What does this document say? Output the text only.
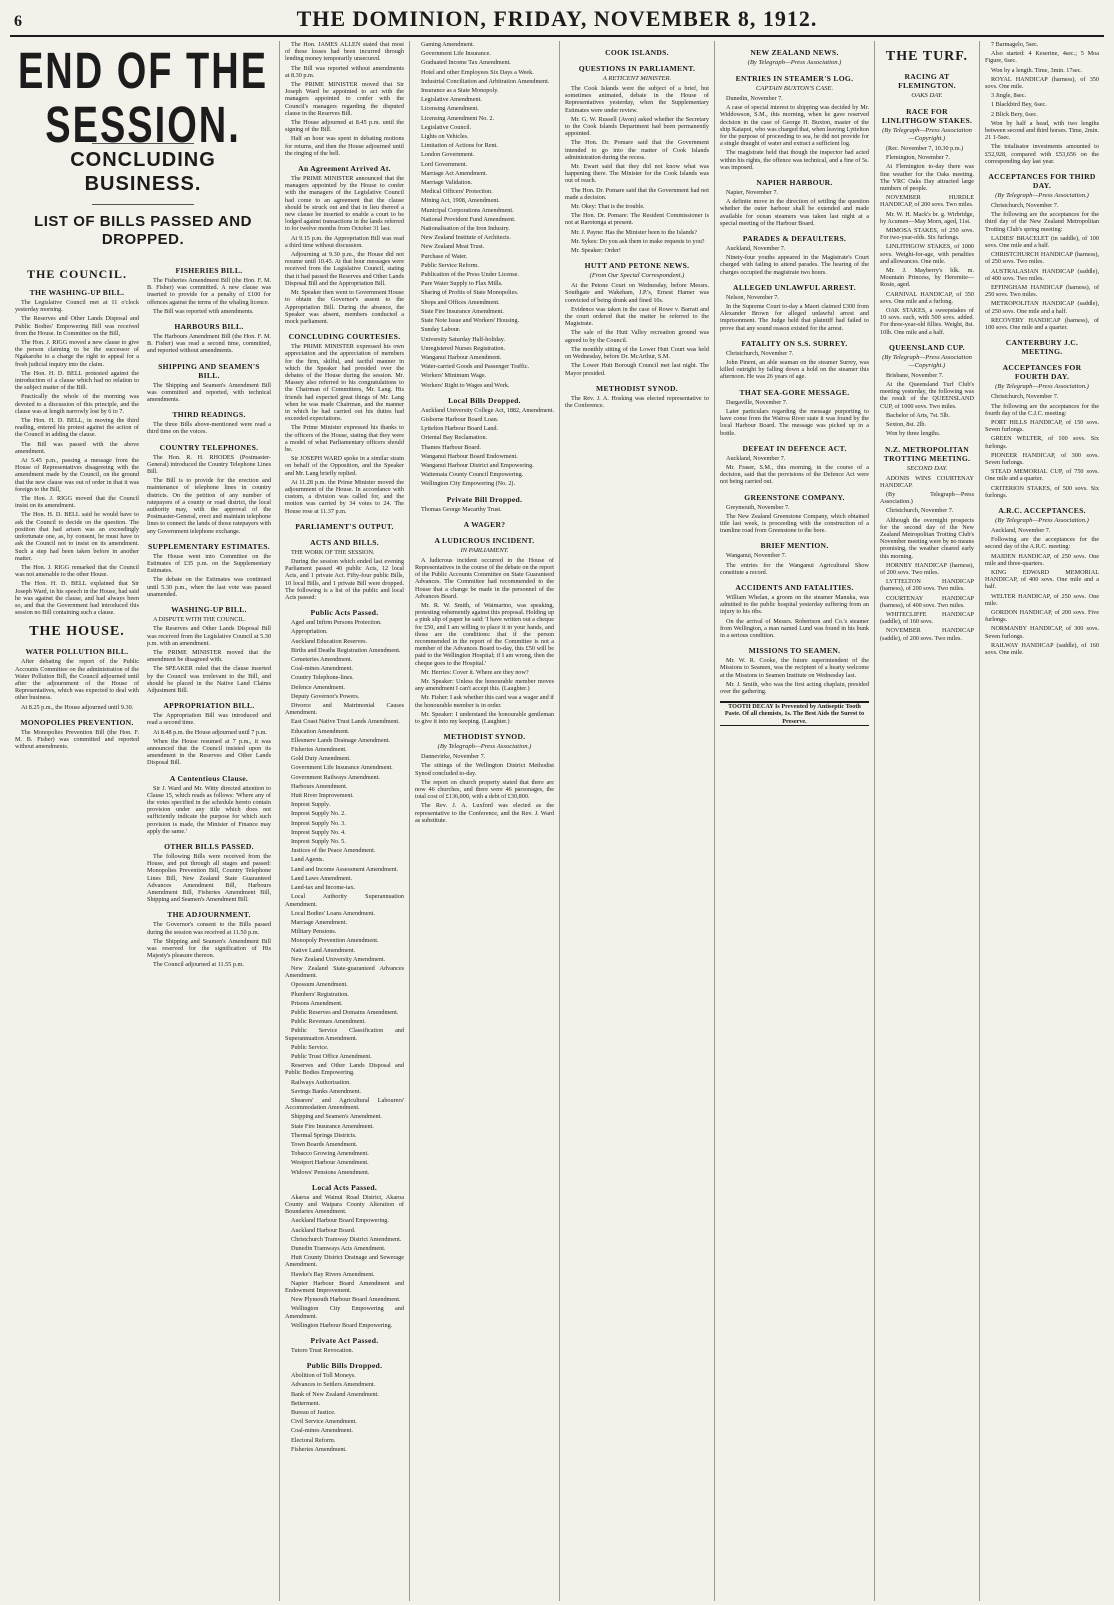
6	THE DOMINION, FRIDAY, NOVEMBER 8, 1912.
END OF THE SESSION.
CONCLUDING BUSINESS.
LIST OF BILLS PASSED AND DROPPED.
THE COUNCIL.
THE WASHING-UP BILL.

The Legislative Council met at 11 o'clock yesterday morning.

The Reserves and Other Lands Disposal and Public Bodies' Empowering Bill was received from the House. In Committee on the Bill,

The Hon. J. RIGG moved a new clause to give the person claiming to be the successor of Ngakarohe to a charge the right to appeal for a fresh judicial inquiry into the claim.

The Hon. H. D. BELL protested against the introduction of a clause which had no relation to the subject matter of the Bill.

Practically the whole of the morning was devoted to a discussion of this principle, and the clause was at length narrowly lost by 6 to 7.

The Hon. H. D. BELL, in moving the third reading, entered his protest against the action of the Council in adding the clause.

The Bill was passed with the above amendment.

At 5.45 p.m., passing a message from the House of Representatives disagreeing with the amendment made by the Council, on the ground that the new clause was out of order in that it was foreign to the Bill,

The Hon. J. RIGG moved that the Council insist on its amendment.

The Hon. H. D. BELL said he would have to ask the Council to decide on the question. The position that had arisen was an exceedingly unfortunate one, as, by consent, he must have to ask the Council not to insist on its amendment. Such a step had been taken before in another matter.

The Hon. J. RIGG remarked that the Council was not amenable to the other House.

The Hon. H. D. BELL explained that Sir Joseph Ward, in his speech in the House, had said he was against the clause, and had always been so, and that the Government had introduced this session no Bill containing such a clause.

THE HOUSE.
WATER POLLUTION BILL.

After debating the report of the Public Accounts Committee on the administration of the Water Pollution Bill, the Council adjourned until after the adjournment of the House of Representatives, which was expected to deal with other business.

At 8.25 p.m., the House adjourned until 9.30.

MONOPOLIES PREVENTION.

The Monopolies Prevention Bill (the Hon. F. M. B. Fisher) was committed and reported without amendments.

FISHERIES BILL.

The Fisheries Amendment Bill (the Hon. F. M. B. Fisher) was committed. A new clause was inserted to provide for a penalty of £100 for offences against the terms of the whaling licence.

The Bill was reported with amendments.

HARBOURS BILL.

The Harbours Amendment Bill (the Hon. F. M. B. Fisher) was read a second time, committed, and reported without amendments.

SHIPPING AND SEAMEN'S BILL.

The Shipping and Seamen's Amendment Bill was committed and reported, with technical amendments.

THIRD READINGS.

The three Bills above-mentioned were read a third time on the voices.

COUNTRY TELEPHONES.

The Hon. R. H. RHODES (Postmaster-General) introduced the Country Telephone Lines Bill.

The Bill is to provide for the erection and maintenance of telephone lines in country districts. On the petition of any number of ratepayers of a county or road district, the local authority may, with the approval of the Postmaster-General, erect and maintain telephone lines to connect the lands of those ratepayers with any Government telephone exchange.

SUPPLEMENTARY ESTIMATES.

The House went into Committee on the Estimates of £35 p.m. on the Supplementary Estimates.

The debate on the Estimates was continued until 5.30 p.m., when the last vote was passed unamended.

WASHING-UP BILL.

A DISPUTE WITH THE COUNCIL.

The Reserves and Other Lands Disposal Bill was received from the Legislative Council at 5.30 p.m. with an amendment.

The PRIME MINISTER moved that the amendment be disagreed with.

The SPEAKER ruled that the clause inserted by the Council was irrelevant to the Bill, and should be placed in the Native Land Claims Adjustment Bill.

APPROPRIATION BILL.

The Appropriation Bill was introduced and read a second time.

At 8.48 p.m. the House adjourned until 7 p.m.

When the House resumed at 7 p.m., it was announced that the Council insisted upon its amendment in the Reserves and Other Lands Disposal Bill.

A Contentious Clause.

Sir J. Ward and Mr. Witty directed attention to Clause 15, which reads as follows: 'Where any of the votes specified in the schedule hereto contain provision under any title which does not sufficiently indicate the purpose for which such provision is made, the Minister of Finance may apply the same.'

OTHER BILLS PASSED.

The following Bills were received from the House, and put through all stages and passed: Monopolies Prevention Bill, Country Telephone Lines Bill, New Zealand State Guaranteed Advances Amendment Bill, Harbours Amendment Bill, Fisheries Amendment Bill, Shipping and Seamen's Amendment Bill.

THE ADJOURNMENT.

The Governor's consent to the Bills passed during the session was received at 11.50 p.m.

The Shipping and Seamen's Amendment Bill was reserved for the signification of His Majesty's pleasure thereon.

The Council adjourned at 11.55 p.m.

The Hon. JAMES ALLEN stated that most of these losses had been incurred through lending money temporarily unsecured.

The Bill was reported without amendments at 8.30 p.m.

The PRIME MINISTER moved that Sir Joseph Ward be appointed to act with the managers appointed to confer with the Council's managers regarding the disputed clause in the Reserves Bill.

The House adjourned at 8.45 p.m. until the signing of the Bill.

Half an hour was spent in debating motions for returns, and then the House adjourned until the ringing of the bell.

An Agreement Arrived At.

The PRIME MINISTER announced that the managers appointed by the House to confer with the managers of the Legislative Council had come to an agreement that the clause should be struck out and that in lieu thereof a new clause be inserted to enable a court to be lodged against transactions in the lands referred to for twelve months from October 31 last.

At 9.15 p.m. the Appropriation Bill was read a third time without discussion.

Adjourning at 9.30 p.m., the House did not resume until 10.45. At that hour messages were received from the Legislative Council, stating that it had passed the Reserves and Other Lands Disposal Bill and the Appropriation Bill.

Mr. Speaker then went to Government House to obtain the Governor's assent to the Appropriation Bill. During the absence, the Speaker was absent, members conducted a mock parliament.

CONCLUDING COURTESIES.

The PRIME MINISTER expressed his own appreciation and the appreciation of members for the firm, skilful, and tactful manner in which the Speaker had presided over the debates of the House during the session. Mr. Massey also referred to his congratulations to the Chairman of Committees, Mr. Lang. His friends had expected great things of Mr. Lang when he was made Chairman, and the manner in which he had carried out his duties had exceeded expectations.

The Prime Minister expressed his thanks to the officers of the House, stating that they were a model of what Parliamentary officers should be.

Sir JOSEPH WARD spoke in a similar strain on behalf of the Opposition, and the Speaker and Mr. Lang briefly replied.

At 11.28 p.m. the Prime Minister moved the adjournment of the House. In accordance with custom, a division was called for, and the motion was carried by 34 votes to 24. The House rose at 11.37 p.m.

PARLIAMENT'S OUTPUT.
ACTS AND BILLS.

THE WORK OF THE SESSION.

During the session which ended last evening Parliament passed 40 public Acts, 12 local Acts, and 1 private Act. Fifty-four public Bills, 10 local Bills, and 1 private Bill were dropped. The following is a list of the public and local Acts passed:

Public Acts Passed.

Aged and Infirm Persons Protection.

Appropriation.

Auckland Education Reserves.

Births and Deaths Registration Amendment.

Cemeteries Amendment.

Coal-mines Amendment.

Country Telephone-lines.

Defence Amendment.

Deputy Governor's Powers.

Divorce and Matrimonial Causes Amendment.

East Coast Native Trust Lands Amendment.

Education Amendment.

Ellesmere Lands Drainage Amendment.

Fisheries Amendment.

Gold Duty Amendment.

Government Life Insurance Amendment.

Government Railways Amendment.

Harbours Amendment.

Hutt River Improvement.

Imprest Supply.

Imprest Supply No. 2.

Imprest Supply No. 3.

Imprest Supply No. 4.

Imprest Supply No. 5.

Justices of the Peace Amendment.

Land Agents.

Land and Income Assessment Amendment.

Land Laws Amendment.

Land-tax and Income-tax.

Local Authority Superannuation Amendment.

Local Bodies' Loans Amendment.

Marriage Amendment.

Military Pensions.

Monopoly Prevention Amendment.

Native Land Amendment.

New Zealand University Amendment.

New Zealand State-guaranteed Advances Amendment.

Opossum Amendment.

Plumbers' Registration.

Prisons Amendment.

Public Reserves and Domains Amendment.

Public Revenues Amendment.

Public Service Classification and Superannuation Amendment.

Public Service.

Public Trust Office Amendment.

Reserves and Other Lands Disposal and Public Bodies Empowering.

Railways Authorisation.

Savings Banks Amendment.

Shearers' and Agricultural Labourers' Accommodation Amendment.

Shipping and Seamen's Amendment.

State Fire Insurance Amendment.

Thermal Springs Districts.

Town Boards Amendment.

Tobacco Growing Amendment.

Westport Harbour Amendment.

Widows' Pensions Amendment.

Local Acts Passed.

Akaroa and Wainui Road District, Akaroa County and Waipara County Alteration of Boundaries Amendment.

Auckland Harbour Board Empowering.

Auckland Harbour Board.

Christchurch Tramway District Amendment.

Dunedin Tramways Acts Amendment.

Hutt County District Drainage and Sewerage Amendment.

Hawke's Bay Rivers Amendment.

Napier Harbour Board Amendment and Endowment Improvement.

New Plymouth Harbour Board Amendment.

Wellington City Empowering and Amendment.

Wellington Harbour Board Empowering.

Private Act Passed.

Tutoro Trust Revocation.

Public Bills Dropped.

Abolition of Toll Moneys.

Advances to Settlers Amendment.

Bank of New Zealand Amendment.

Betterment.

Bureau of Justice.

Civil Service Amendment.

Coal-mines Amendment.

Electoral Reform.

Fisheries Amendment.

Gaming Amendment.

Government Life Insurance.

Graduated Income Tax Amendment.

Hotel and other Employees Six Days a Week.

Industrial Conciliation and Arbitration Amendment.

Insurance as a State Monopoly.

Legislative Amendment.

Licensing Amendment.

Licensing Amendment No. 2.

Legislative Council.

Lights on Vehicles.

Limitation of Actions for Rent.

London Government.

Lord Government.

Marriage Act Amendment.

Marriage Validation.

Medical Officers' Protection.

Mining Act, 1908, Amendment.

Municipal Corporations Amendment.

National Provident Fund Amendment.

Nationalisation of the Iron Industry.

New Zealand Institute of Architects.

New Zealand Meat Trust.

Purchase of Water.

Public Service Reform.

Publication of the Press Under License.

Pure Water Supply to Flax Mills.

Sharing of Profits of State Monopolies.

Shops and Offices Amendment.

State Fire Insurance Amendment.

State Note Issue and Workers' Housing.

Sunday Labour.

University Saturday Half-holiday.

Unregistered Nurses Registration.

Wanganui Harbour Amendment.

Water-carried Goods and Passenger Traffic.

Workers' Minimum Wage.

Workers' Right to Wages and Work.

Local Bills Dropped.

Auckland University College Act, 1882, Amendment.

Gisborne Harbour Board Loan.

Lyttelton Harbour Board Land.

Oriental Bay Reclamation.

Thames Harbour Board.

Wanganui Harbour Board Endowment.

Wanganui Harbour District and Empowering.

Waitemata County Council Empowering.

Wellington City Empowering (No. 2).

Private Bill Dropped.

Thomas George Macarthy Trust.

A WAGER?
A LUDICROUS INCIDENT.
IN PARLIAMENT.

A ludicrous incident occurred in the House of Representatives in the course of the debate on the report of the Public Accounts Committee on State Guaranteed Advances. The Committee had recommended to the House that a change be made in the personnel of the Advances Board.

Mr. R. W. Smith, of Waimarino, was speaking, protesting vehemently against this proposal. Holding up a pink slip of paper he said: 'I have written out a cheque for £50, and I am willing to place it in your hands, and those are the conditions: that if the person recommended in the report of the Committee is not a member of the Advances Board to-day, this £50 will be paid to the Wellington Hospital; if I am wrong, then the cheque goes to the Hospital.'

Mr. Herries: Cover it. Where are they now?

Mr. Speaker: Unless the honourable member moves any amendment I can't accept this. (Laughter.)

Mr. Fisher: I ask whether this card was a wager and if the honourable member is in order.

Mr. Speaker: I understand the honourable gentleman to give it into my keeping. (Laughter.)

METHODIST SYNOD.
(By Telegraph—Press Association.)

Dannevirke, November 7.

The sittings of the Wellington District Methodist Synod concluded to-day.

The report on church property stated that there are now 46 churches, and there were 46 parsonages, the total cost of £136,000, with a debt of £30,800.

The Rev. J. A. Luxford was elected as the representative to the Conference, and the Rev. J. Ward as substitute.

COOK ISLANDS.
QUESTIONS IN PARLIAMENT.
A RETICENT MINISTER.

The Cook Islands were the subject of a brief, but sometimes animated, debate in the House of Representatives yesterday, when the Supplementary Estimates were under review.

Mr. G. W. Russell (Avon) asked whether the Secretary to the Cook Islands Department had been permanently appointed.

The Hon. Dr. Pomare said that the Government intended to go into the matter of Cook Islands administration during the recess.

Mr. Ewart said that they did not know what was happening there. The Minister for the Cook Islands was out of reach.

The Hon. Dr. Pomare said that the Government had not made a decision.

Mr. Okey: That is the trouble.

The Hon. Dr. Pomare: The Resident Commissioner is not at Rarotonga at present.

Mr. J. Payne: Has the Minister been to the Islands?

Mr. Sykes: Do you ask them to make requests to you?

Mr. Speaker: Order!

HUTT AND PETONE NEWS.
(From Our Special Correspondent.)

At the Petone Court on Wednesday, before Messrs. Southgate and Wakeham, J.P.'s, Ernest Hamer was convicted of being drunk and fined 10s.

Evidence was taken in the case of Rowe v. Barratt and the court ordered that the matter be referred to the Magistrate.

The sale of the Hutt Valley recreation ground was agreed to by the Council.

The monthly sitting of the Lower Hutt Court was held on Wednesday, before Dr. McArthur, S.M.

The Lower Hutt Borough Council met last night. The Mayor presided.

METHODIST SYNOD.

The Rev. J. A. Hosking was elected representative to the Conference.

NEW ZEALAND NEWS.
(By Telegraph—Press Association.)
ENTRIES IN STEAMER'S LOG.
CAPTAIN BUXTON'S CASE.

Dunedin, November 7.

A case of special interest to shipping was decided by Mr. Widdowson, S.M., this morning, when he gave reserved decision in the case of George H. Buxton, master of the ship Kaiapoi, who was charged that, when leaving Lyttelton for the purpose of proceeding to sea, he did not provide for a single draught of water and extract a sufficient log.

The magistrate held that though the inspector had acted within his rights, the offence was technical, and a fine of 5s. was imposed.

NAPIER HARBOUR.

Napier, November 7.

A definite move in the direction of settling the question whether the outer harbour shall be extended and made available for ocean steamers was taken last night at a special meeting of the Harbour Board.

PARADES & DEFAULTERS.

Auckland, November 7.

Ninety-four youths appeared in the Magistrate's Court charged with failing to attend parades. The hearing of the charges occupied the magistrate two hours.

ALLEGED UNLAWFUL ARREST.

Nelson, November 7.

In the Supreme Court to-day a Maori claimed £300 from Alexander Brown for alleged unlawful arrest and imprisonment. The Judge held that plaintiff had failed to prove that any sound reason existed for the arrest.

FATALITY ON S.S. SURREY.

Christchurch, November 7.

John Pinent, an able seaman on the steamer Surrey, was killed outright by falling down a hold on the steamer this afternoon. He was 26 years of age.

THAT SEA-GORE MESSAGE.

Dargaville, November 7.

Later particulars regarding the message purporting to have come from the Wairoa River state it was found by the local Harbour Board. The message was picked up in a bottle.

DEFEAT IN DEFENCE ACT.

Auckland, November 7.

Mr. Fraser, S.M., this morning, in the course of a decision, said that the provisions of the Defence Act were not being carried out.

GREENSTONE COMPANY.

Greymouth, November 7.

The New Zealand Greenstone Company, which obtained title last week, is proceeding with the construction of a tramline road from Greenstone to the bore.

BRIEF MENTION.

Wanganui, November 7.

The entries for the Wanganui Agricultural Show constitute a record.

ACCIDENTS AND FATALITIES.

William Whelan, a groom on the steamer Manuka, was admitted to the public hospital yesterday suffering from an injury to his ribs.

On the arrival of Messrs. Robertson and Co.'s steamer from Wellington, a man named Lund was found in his bunk in a serious condition.

MISSIONS TO SEAMEN.

Mr. W. R. Cooke, the future superintendent of the Missions to Seamen, was the recipient of a hearty welcome at the Missions to Seamen Institute on Wednesday last.

Mr. J. Smith, who was the first acting chaplain, presided over the gathering.

TOOTH DECAY Is Prevented by Antiseptic Tooth Paste. Of all chemists, 1s. The Best Aids the Surest to Preserve.
THE TURF.
RACING AT FLEMINGTON.
OAKS DAY.
RACE FOR LINLITHGOW STAKES.
(By Telegraph—Press Association—Copyright.)

(Rec. November 7, 10.30 p.m.)

Flemington, November 7.

At Flemington to-day there was fine weather for the Oaks meeting. The VRC Oaks Day attracted large numbers of people.

NOVEMBER HURDLE HANDICAP, of 200 sovs. Two miles.

Mr. W. H. Mack's br. g. Wirbridge, by Acumen—May Morn, aged, 11st.

MIMOSA STAKES, of 250 sovs. For two-year-olds. Six furlongs.

LINLITHGOW STAKES, of 1000 sovs. Weight-for-age, with penalties and allowances. One mile.

Mr. J. Mayberry's blk. m. Mountain Princess, by Heremite—Rosie, aged.

CARNIVAL HANDICAP, of 350 sovs. One mile and a furlong.

OAK STAKES, a sweepstakes of 10 sovs. each, with 500 sovs. added. For three-year-old fillies. Weight, 8st. 10lb. One mile and a half.

QUEENSLAND CUP.
(By Telegraph—Press Association—Copyright.)

Brisbane, November 7.

At the Queensland Turf Club's meeting yesterday, the following was the result of the QUEENSLAND CUP, of 1000 sovs. Two miles.

Bachelor of Arts, 7st. 5lb.

Sexton, 8st. 2lb.

Won by three lengths.

N.Z. METROPOLITAN TROTTING MEETING.
SECOND DAY.

ADONIS WINS COURTENAY HANDICAP.

(By Telegraph—Press Association.)

Christchurch, November 7.

Although the overnight prospects for the second day of the New Zealand Metropolitan Trotting Club's November meeting were by no means promising, the weather cleared early this morning.

HORNBY HANDICAP (harness), of 200 sovs. Two miles.

LYTTELTON HANDICAP (harness), of 200 sovs. Two miles.

COURTENAY HANDICAP (harness), of 400 sovs. Two miles.

WHITECLIFFE HANDICAP (saddle), of 160 sovs.

NOVEMBER HANDICAP (saddle), of 200 sovs. Two miles.

7 Barmagelo, 5sec.

Also started: 4 Keserine, 4sec.; 5 Moa Figure, 6sec.

Won by a length. Time, 3min. 17sec.

ROYAL HANDICAP (harness), of 350 sovs. One mile.

3 Jingle, 8sec.

1 Blackbird Bey, 6sec.

2 Blick Bery, 6sec.

Won by half a head, with two lengths between second and third horses. Time, 2min. 21 1-5sec.

The totalisator investments amounted to £52,928, compared with £53,656 on the corresponding day last year.

ACCEPTANCES FOR THIRD DAY.
(By Telegraph—Press Association.)

Christchurch, November 7.

The following are the acceptances for the third day of the New Zealand Metropolitan Trotting Club's spring meeting:

LADIES' BRACELET (in saddle), of 100 sovs. One mile and a half.

CHRISTCHURCH HANDICAP (harness), of 250 sovs. Two miles.

AUSTRALASIAN HANDICAP (saddle), of 400 sovs. Two miles.

EFFINGHAM HANDICAP (harness), of 250 sovs. Two miles.

METROPOLITAN HANDICAP (saddle), of 250 sovs. One mile and a half.

RECOVERY HANDICAP (harness), of 100 sovs. One mile and a quarter.

CANTERBURY J.C. MEETING.
ACCEPTANCES FOR FOURTH DAY.
(By Telegraph—Press Association.)

Christchurch, November 7.

The following are the acceptances for the fourth day of the C.J.C. meeting:

PORT HILLS HANDICAP, of 150 sovs. Seven furlongs.

GREEN WELTER, of 100 sovs. Six furlongs.

PIONEER HANDICAP, of 300 sovs. Seven furlongs.

STEAD MEMORIAL CUP, of 750 sovs. One mile and a quarter.

CRITERION STAKES, of 500 sovs. Six furlongs.

A.R.C. ACCEPTANCES.
(By Telegraph—Press Association.)

Auckland, November 7.

Following are the acceptances for the second day of the A.R.C. meeting:

MAIDEN HANDICAP, of 250 sovs. One mile and three-quarters.

KING EDWARD MEMORIAL HANDICAP, of 400 sovs. One mile and a half.

WELTER HANDICAP, of 250 sovs. One mile.

GORDON HANDICAP, of 200 sovs. Five furlongs.

NORMANBY HANDICAP, of 300 sovs. Seven furlongs.

RAILWAY HANDICAP (saddle), of 160 sovs. One mile.
